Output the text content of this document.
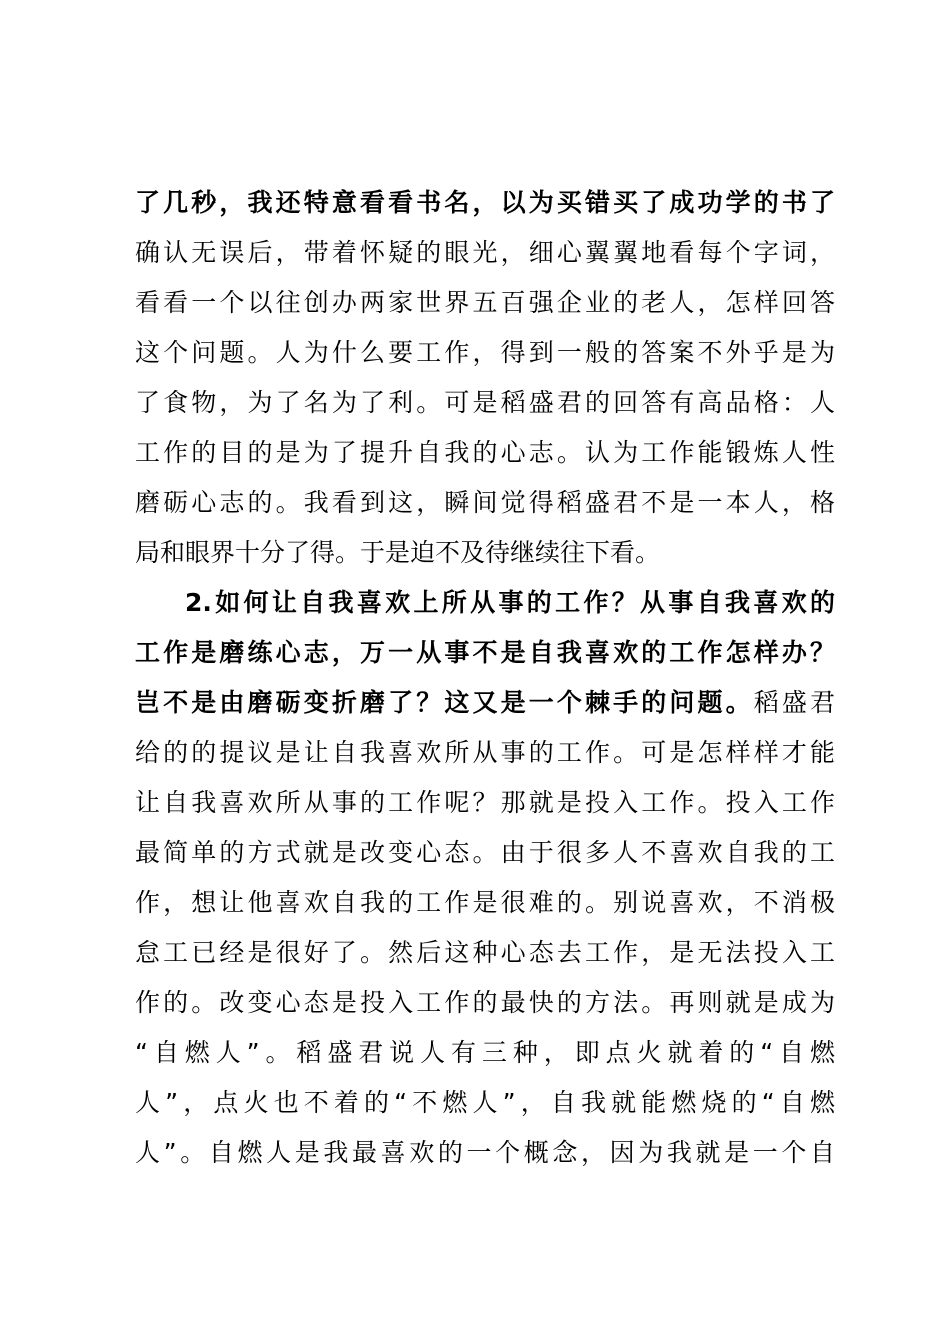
了几秒，我还特意看看书名，以为买错买了成功学的书了
确认无误后，带着怀疑的眼光，细心翼翼地看每个字词，
看看一个以往创办两家世界五百强企业的老人，怎样回答
这个问题。人为什么要工作，得到一般的答案不外乎是为
了食物，为了名为了利。可是稻盛君的回答有高品格：人
工作的目的是为了提升自我的心志。认为工作能锻炼人性
磨砺心志的。我看到这，瞬间觉得稻盛君不是一本人，格
局和眼界十分了得。于是迫不及待继续往下看。
2.如何让自我喜欢上所从事的工作？从事自我喜欢的
工作是磨练心志，万一从事不是自我喜欢的工作怎样办？
岂不是由磨砺变折磨了？这又是一个棘手的问题。稻盛君
给的的提议是让自我喜欢所从事的工作。可是怎样样才能
让自我喜欢所从事的工作呢？那就是投入工作。投入工作
最简单的方式就是改变心态。由于很多人不喜欢自我的工
作，想让他喜欢自我的工作是很难的。别说喜欢，不消极
怠工已经是很好了。然后这种心态去工作，是无法投入工
作的。改变心态是投入工作的最快的方法。再则就是成为
“自燃人”。稻盛君说人有三种，即点火就着的“自燃
人”，点火也不着的“不燃人”，自我就能燃烧的“自燃
人”。自燃人是我最喜欢的一个概念，因为我就是一个自
